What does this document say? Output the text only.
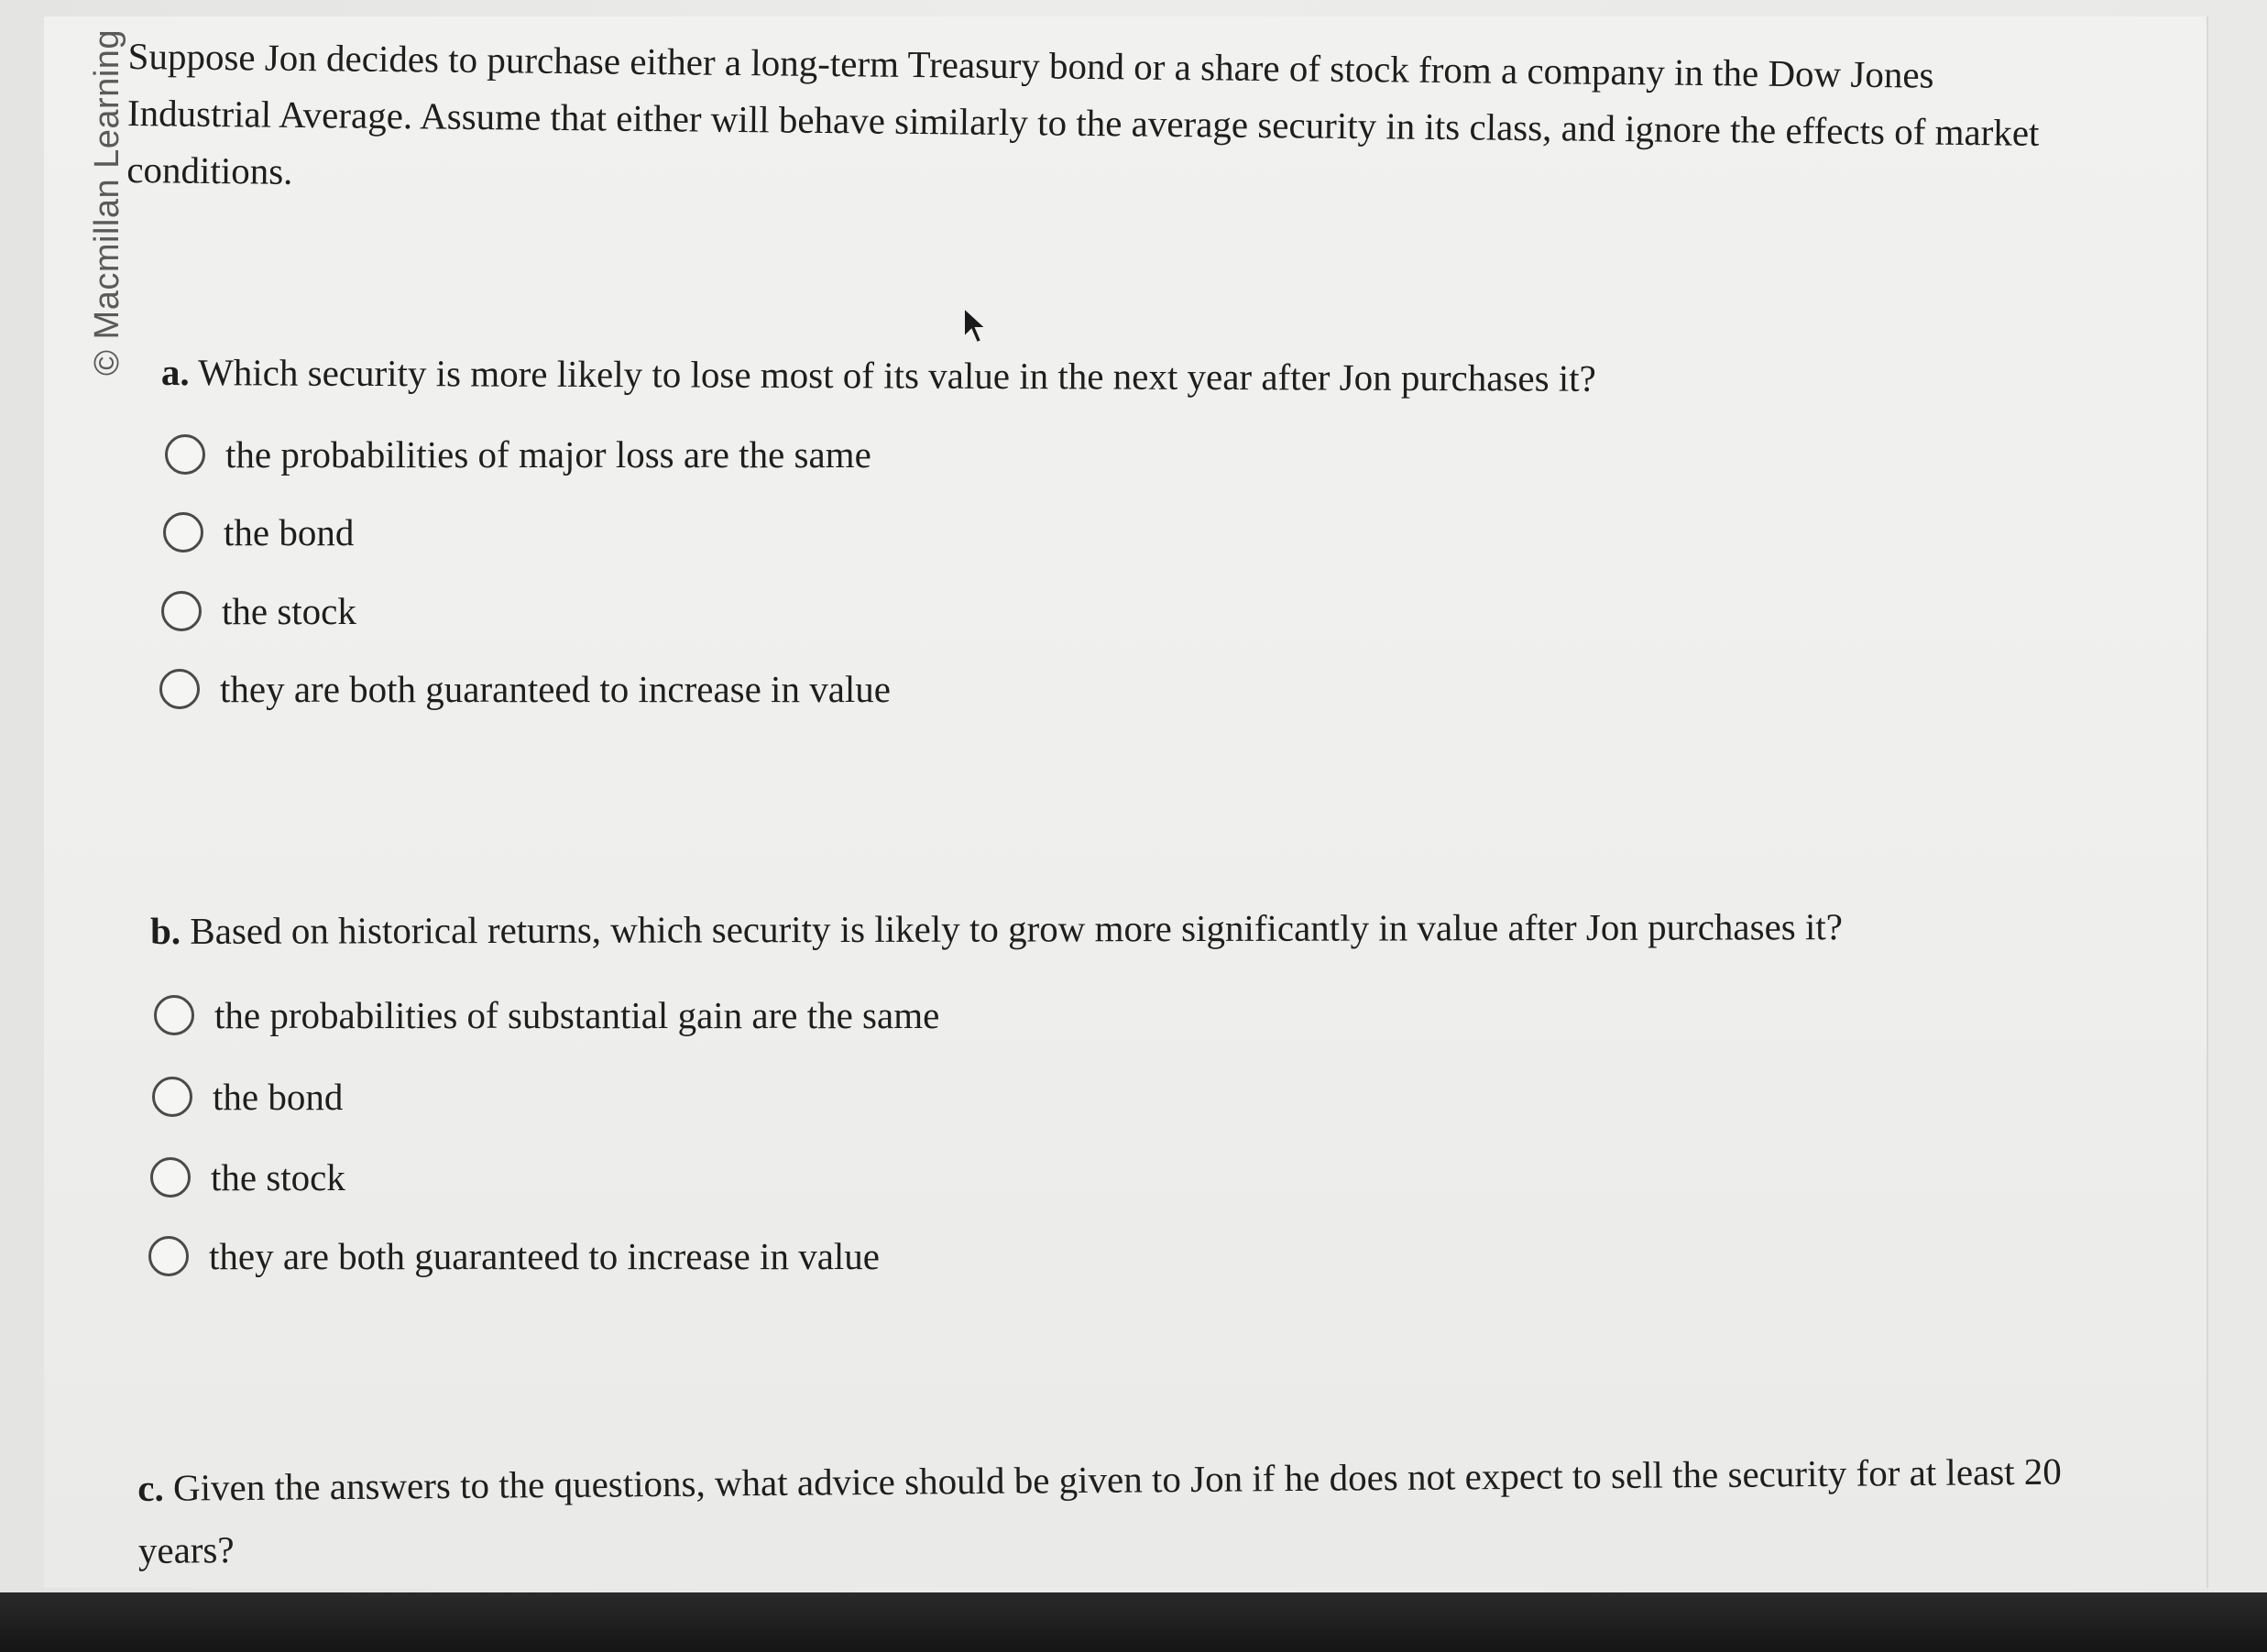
© Macmillan Learning Suppose Jon decides to purchase either a long-term Treasury bond or a share of stock from a company in the Dow Jones Industrial Average. Assume that either will behave similarly to the average security in its class, and ignore the effects of market conditions.
a. Which security is more likely to lose most of its value in the next year after Jon purchases it?
the probabilities of major loss are the same
the bond
the stock
they are both guaranteed to increase in value
b. Based on historical returns, which security is likely to grow more significantly in value after Jon purchases it?
the probabilities of substantial gain are the same
the bond
the stock
they are both guaranteed to increase in value
c. Given the answers to the questions, what advice should be given to Jon if he does not expect to sell the security for at least 20 years?
